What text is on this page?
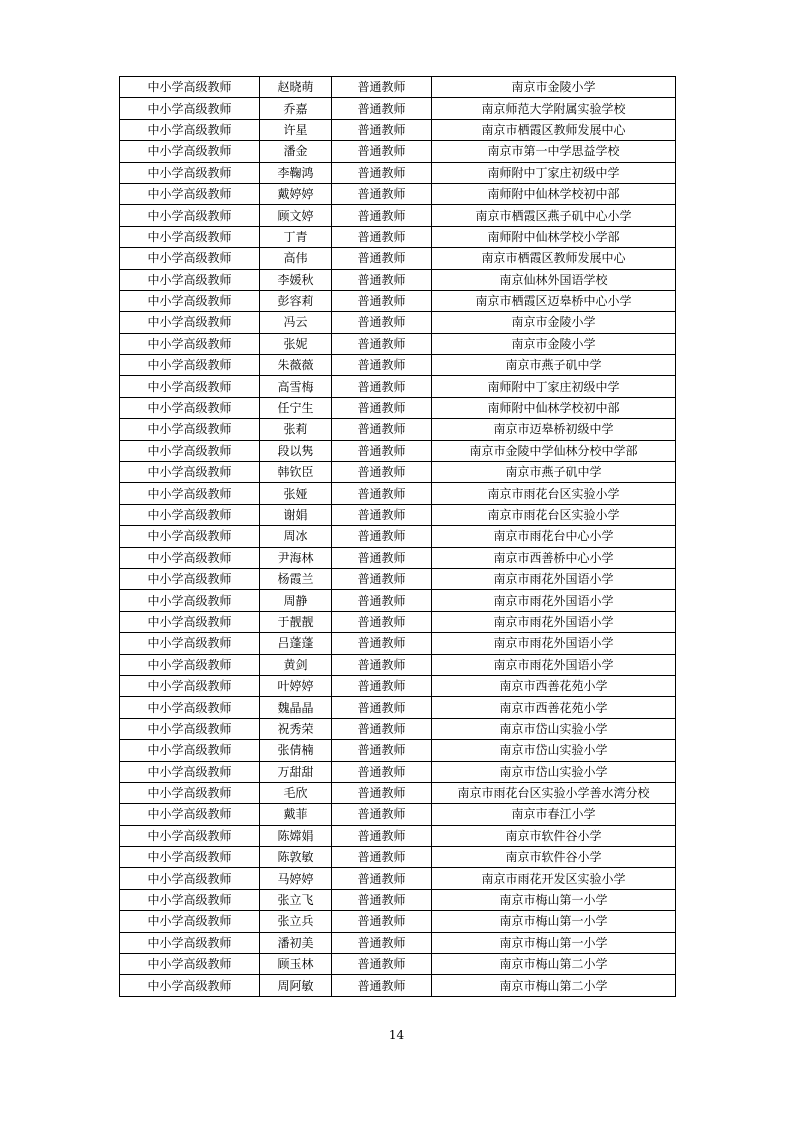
中小学高级教师	赵晓萌	普通教师	南京市金陵小学
中小学高级教师	乔嘉	普通教师	南京师范大学附属实验学校
中小学高级教师	许星	普通教师	南京市栖霞区教师发展中心
中小学高级教师	潘金	普通教师	南京市第一中学思益学校
中小学高级教师	李鞠鸿	普通教师	南师附中丁家庄初级中学
中小学高级教师	戴婷婷	普通教师	南师附中仙林学校初中部
中小学高级教师	顾文婷	普通教师	南京市栖霞区燕子矶中心小学
中小学高级教师	丁青	普通教师	南师附中仙林学校小学部
中小学高级教师	高伟	普通教师	南京市栖霞区教师发展中心
中小学高级教师	李媛秋	普通教师	南京仙林外国语学校
中小学高级教师	彭容莉	普通教师	南京市栖霞区迈皋桥中心小学
中小学高级教师	冯云	普通教师	南京市金陵小学
中小学高级教师	张妮	普通教师	南京市金陵小学
中小学高级教师	朱薇薇	普通教师	南京市燕子矶中学
中小学高级教师	高雪梅	普通教师	南师附中丁家庄初级中学
中小学高级教师	任宁生	普通教师	南师附中仙林学校初中部
中小学高级教师	张莉	普通教师	南京市迈皋桥初级中学
中小学高级教师	段以隽	普通教师	南京市金陵中学仙林分校中学部
中小学高级教师	韩钦臣	普通教师	南京市燕子矶中学
中小学高级教师	张娅	普通教师	南京市雨花台区实验小学
中小学高级教师	谢娟	普通教师	南京市雨花台区实验小学
中小学高级教师	周冰	普通教师	南京市雨花台中心小学
中小学高级教师	尹海林	普通教师	南京市西善桥中心小学
中小学高级教师	杨霞兰	普通教师	南京市雨花外国语小学
中小学高级教师	周静	普通教师	南京市雨花外国语小学
中小学高级教师	于靓靓	普通教师	南京市雨花外国语小学
中小学高级教师	吕蓬蓬	普通教师	南京市雨花外国语小学
中小学高级教师	黄剑	普通教师	南京市雨花外国语小学
中小学高级教师	叶婷婷	普通教师	南京市西善花苑小学
中小学高级教师	魏晶晶	普通教师	南京市西善花苑小学
中小学高级教师	祝秀荣	普通教师	南京市岱山实验小学
中小学高级教师	张倩楠	普通教师	南京市岱山实验小学
中小学高级教师	万甜甜	普通教师	南京市岱山实验小学
中小学高级教师	毛欣	普通教师	南京市雨花台区实验小学善水湾分校
中小学高级教师	戴菲	普通教师	南京市春江小学
中小学高级教师	陈嫦娟	普通教师	南京市软件谷小学
中小学高级教师	陈敦敏	普通教师	南京市软件谷小学
中小学高级教师	马婷婷	普通教师	南京市雨花开发区实验小学
中小学高级教师	张立飞	普通教师	南京市梅山第一小学
中小学高级教师	张立兵	普通教师	南京市梅山第一小学
中小学高级教师	潘初美	普通教师	南京市梅山第一小学
中小学高级教师	顾玉林	普通教师	南京市梅山第二小学
中小学高级教师	周阿敏	普通教师	南京市梅山第二小学
14
